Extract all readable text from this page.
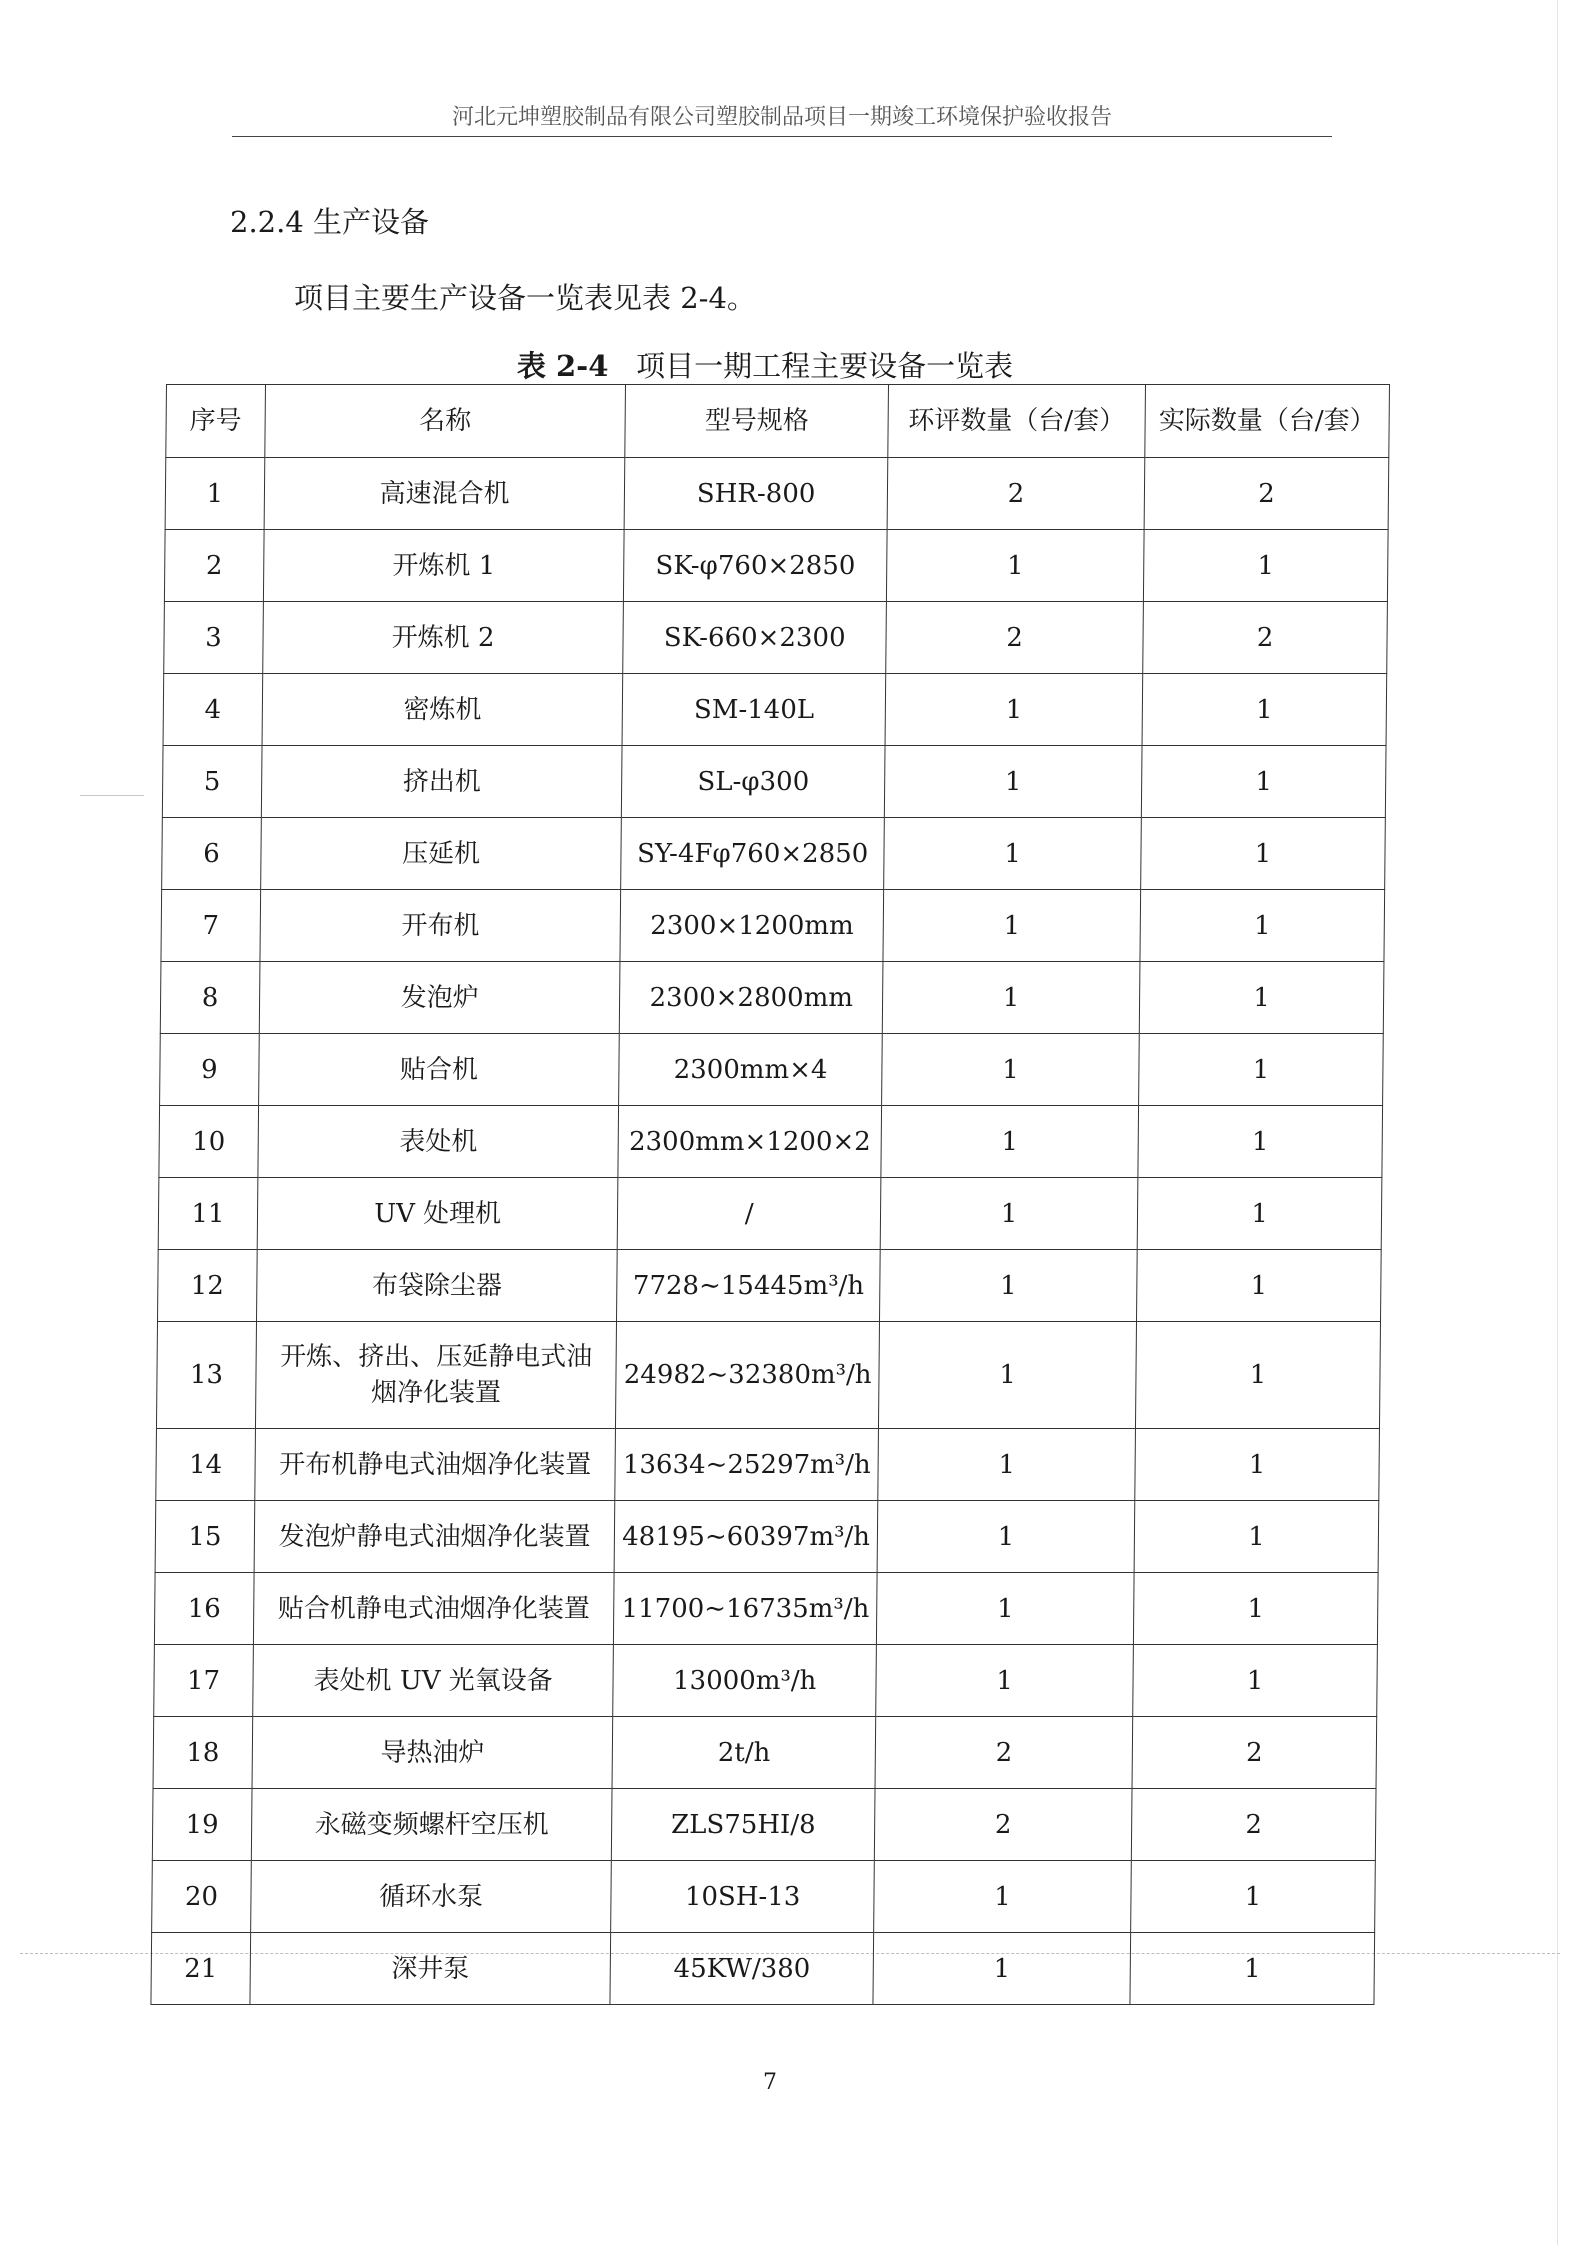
河北元坤塑胶制品有限公司塑胶制品项目一期竣工环境保护验收报告
2.2.4 生产设备
项目主要生产设备一览表见表 2-4。
表 2-4 项目一期工程主要设备一览表
序号	名称	型号规格	环评数量（台/套）	实际数量（台/套）
1	高速混合机	SHR-800	2	2
2	开炼机 1	SK-φ760×2850	1	1
3	开炼机 2	SK-660×2300	2	2
4	密炼机	SM-140L	1	1
5	挤出机	SL-φ300	1	1
6	压延机	SY-4Fφ760×2850	1	1
7	开布机	2300×1200mm	1	1
8	发泡炉	2300×2800mm	1	1
9	贴合机	2300mm×4	1	1
10	表处机	2300mm×1200×2	1	1
11	UV 处理机	/	1	1
12	布袋除尘器	7728~15445m³/h	1	1
13	开炼、挤出、压延静电式油
烟净化装置	24982~32380m³/h	1	1
14	开布机静电式油烟净化装置	13634~25297m³/h	1	1
15	发泡炉静电式油烟净化装置	48195~60397m³/h	1	1
16	贴合机静电式油烟净化装置	11700~16735m³/h	1	1
17	表处机 UV 光氧设备	13000m³/h	1	1
18	导热油炉	2t/h	2	2
19	永磁变频螺杆空压机	ZLS75HI/8	2	2
20	循环水泵	10SH-13	1	1
21	深井泵	45KW/380	1	1
7
